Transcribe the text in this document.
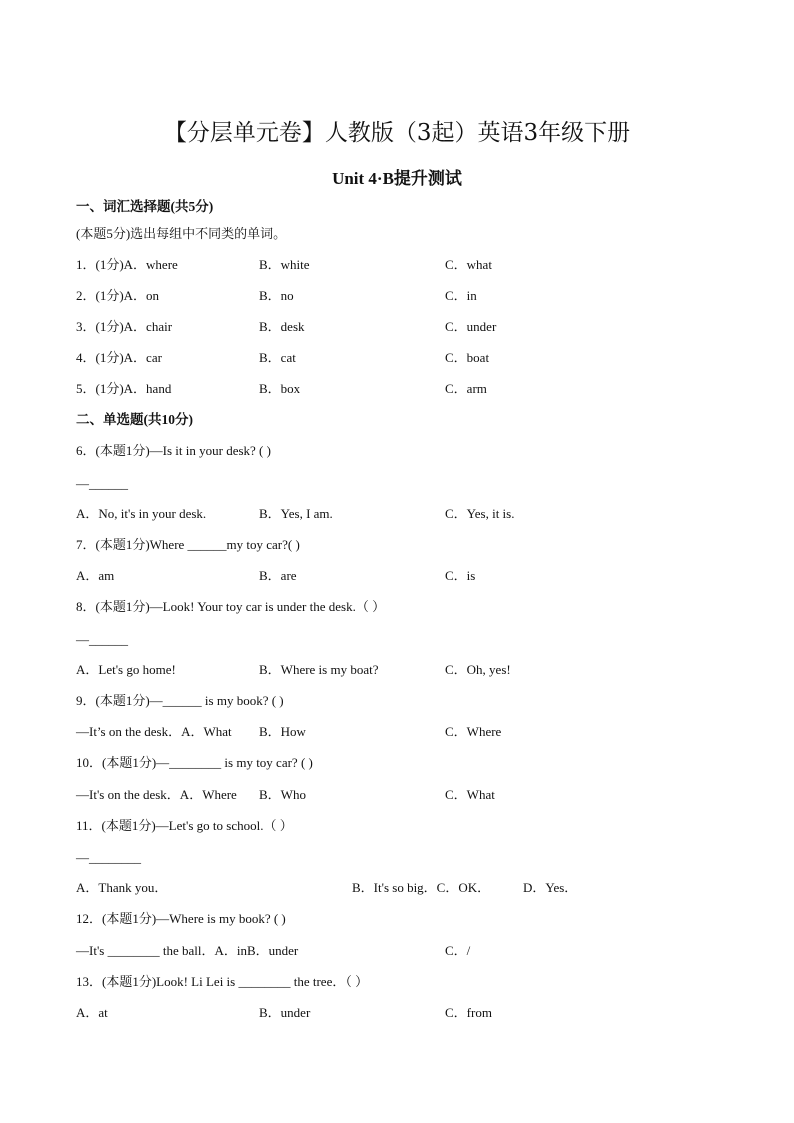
【分层单元卷】人教版（3起）英语3年级下册
Unit 4·B提升测试
一、词汇选择题(共5分)
(本题5分)选出每组中不同类的单词。
1．(1分)A．where	B．white	C．what
2．(1分)A．on	B．no	C．in
3．(1分)A．chair	B．desk	C．under
4．(1分)A．car	B．cat	C．boat
5．(1分)A．hand	B．box	C．arm
二、单选题(共10分)
6．(本题1分)—Is it in your desk? ( )
—______
A．No, it's in your desk.	B．Yes, I am.	C．Yes, it is.
7．(本题1分)Where ______my toy car?( )
A．am	B．are	C．is
8．(本题1分)—Look! Your toy car is under the desk.（ ）
—______
A．Let's go home!	B．Where is my boat?	C．Oh, yes!
9．(本题1分)—______ is my book? ( )
—It’s on the desk．A．What B．How	C．Where
10．(本题1分)—________ is my toy car? ( )
—It's on the desk．A．Where B．Who	C．What
11．(本题1分)—Let's go to school.（ ）
—________
A．Thank you．	B．It's so big．C．OK．	D．Yes．
12．(本题1分)—Where is my book? ( )
—It's ________ the ball．A．inB．under	C．/
13．(本题1分)Look! Li Lei is ________ the tree．（ ）
A．at	B．under	C．from
